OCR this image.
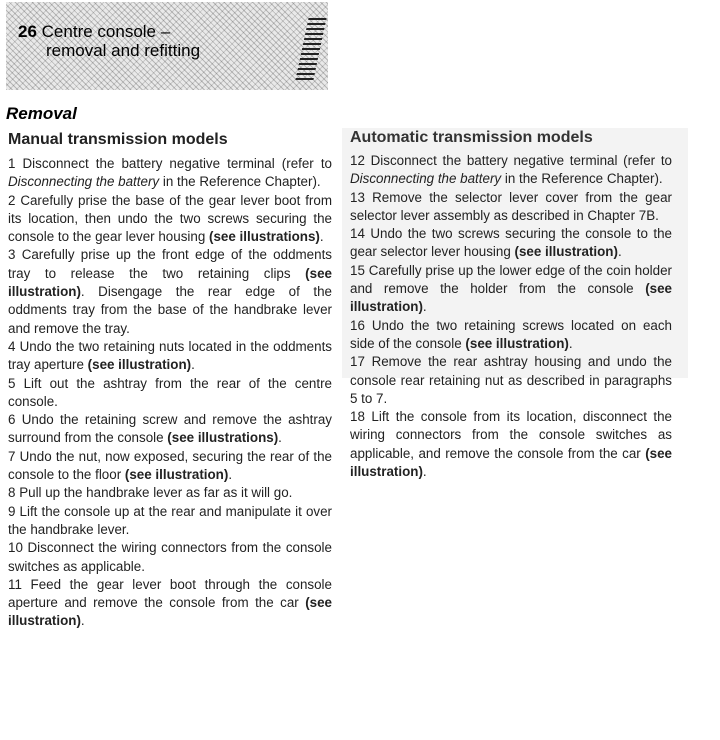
26 Centre console –
removal and refitting
Removal
Manual transmission models

1 Disconnect the battery negative terminal (refer to Disconnecting the battery in the Reference Chapter).

2 Carefully prise the base of the gear lever boot from its location, then undo the two screws securing the console to the gear lever housing (see illustrations).

3 Carefully prise up the front edge of the oddments tray to release the two retaining clips (see illustration). Disengage the rear edge of the oddments tray from the base of the handbrake lever and remove the tray.

4 Undo the two retaining nuts located in the oddments tray aperture (see illustration).

5 Lift out the ashtray from the rear of the centre console.

6 Undo the retaining screw and remove the ashtray surround from the console (see illustrations).

7 Undo the nut, now exposed, securing the rear of the console to the floor (see illustration).

8 Pull up the handbrake lever as far as it will go.

9 Lift the console up at the rear and manipulate it over the handbrake lever.

10 Disconnect the wiring connectors from the console switches as applicable.

11 Feed the gear lever boot through the console aperture and remove the console from the car (see illustration).

Automatic transmission models

12 Disconnect the battery negative terminal (refer to Disconnecting the battery in the Reference Chapter).

13 Remove the selector lever cover from the gear selector lever assembly as described in Chapter 7B.

14 Undo the two screws securing the console to the gear selector lever housing (see illustration).

15 Carefully prise up the lower edge of the coin holder and remove the holder from the console (see illustration).

16 Undo the two retaining screws located on each side of the console (see illustration).

17 Remove the rear ashtray housing and undo the console rear retaining nut as described in paragraphs 5 to 7.

18 Lift the console from its location, disconnect the wiring connectors from the console switches as applicable, and remove the console from the car (see illustration).
